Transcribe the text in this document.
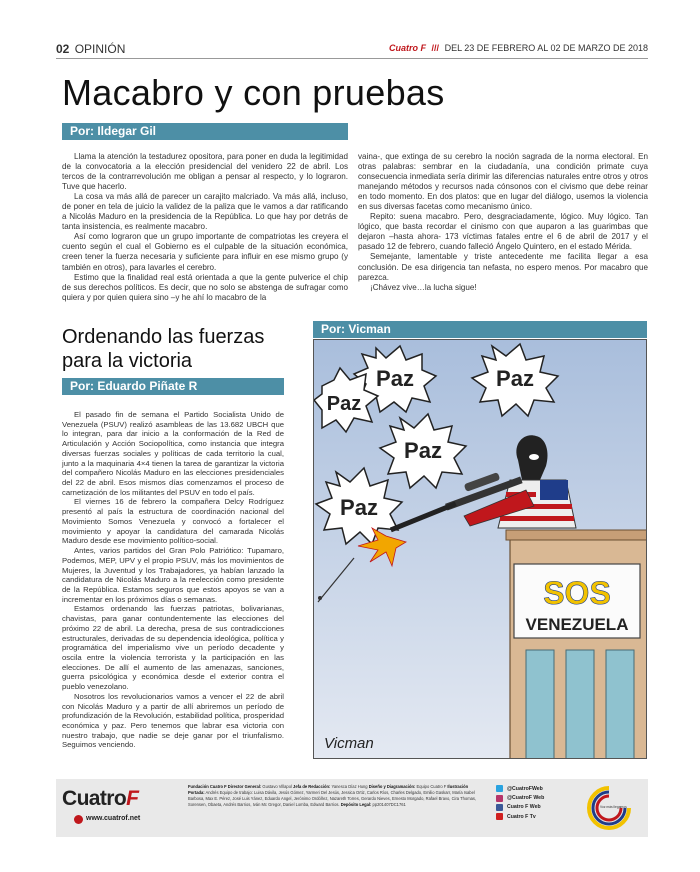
02 OPINIÓN	Cuatro F /// DEL 23 DE FEBRERO AL 02 DE MARZO DE 2018
Macabro y con pruebas
Por: Ildegar Gil

Llama la atención la testadurez opositora, para poner en duda la legitimidad de la convocatoria a la elección presidencial del venidero 22 de abril. Los tercos de la contrarrevolución me obligan a pensar al respecto, y lo lograron. Tuve que hacerlo.

La cosa va más allá de parecer un carajito malcriado. Va más allá, incluso, de poner en tela de juicio la validez de la paliza que le vamos a dar ratificando a Nicolás Maduro en la presidencia de la República. Lo que hay por detrás de tanta insistencia, es realmente macabro.

Así como lograron que un grupo importante de compatriotas les creyera el cuento según el cual el Gobierno es el culpable de la situación económica, creen tener la fuerza necesaria y suficiente para influir en ese mismo grupo (y también en otros), para lavarles el cerebro.

Estimo que la finalidad real está orientada a que la gente pulverice el chip de sus derechos políticos. Es decir, que no solo se abstenga de sufragar como quiera y por quien quiera sino –y he ahí lo macabro de la

vaina-, que extinga de su cerebro la noción sagrada de la norma electoral. En otras palabras: sembrar en la ciudadanía, una condición primate cuya consecuencia inmediata sería dirimir las diferencias naturales entre otros y otros manejando métodos y recursos nada cónsonos con el civismo que debe reinar en todo momento. En dos platos: que en lugar del diálogo, usemos la violencia en sus diversas facetas como mecanismo único.

Repito: suena macabro. Pero, desgraciadamente, lógico. Muy lógico. Tan lógico, que basta recordar el cinismo con que auparon a las guarimbas que dejaron –hasta ahora- 173 víctimas fatales entre el 6 de abril de 2017 y el pasado 12 de febrero, cuando falleció Ángelo Quintero, en el estado Mérida.

Semejante, lamentable y triste antecedente me facilita llegar a esa conclusión. De esa dirigencia tan nefasta, no espero menos. Por macabro que parezca.

¡Chávez vive…la lucha sigue!

Ordenando las fuerzas para la victoria
Por: Eduardo Piñate R

El pasado fin de semana el Partido Socialista Unido de Venezuela (PSUV) realizó asambleas de las 13.682 UBCH que lo integran, para dar inicio a la conformación de la Red de Articulación y Acción Sociopolítica, como instancia que integra diversas fuerzas sociales y políticas de cada territorio la cual, junto a la maquinaria 4×4 tienen la tarea de garantizar la victoria del compañero Nicolás Maduro en las elecciones presidenciales del 22 de abril. Esos mismos días comenzamos el proceso de carnetización de los militantes del PSUV en todo el país.

El viernes 16 de febrero la compañera Delcy Rodríguez presentó al país la estructura de coordinación nacional del Movimiento Somos Venezuela y convocó a fortalecer el movimiento y apoyar la candidatura del camarada Nicolás Maduro desde ese movimiento político-social.

Antes, varios partidos del Gran Polo Patriótico: Tupamaro, Podemos, MEP, UPV y el propio PSUV, más los movimientos de Mujeres, la Juventud y los Trabajadores, ya habían lanzado la candidatura de Nicolás Maduro a la reelección como presidente de la República. Estamos seguros que estos apoyos se van a incrementar en los próximos días o semanas.

Estamos ordenando las fuerzas patriotas, bolivarianas, chavistas, para ganar contundentemente las elecciones del próximo 22 de abril. La derecha, presa de sus contradicciones estructurales, derivadas de su dependencia ideológica, política y programática del imperialismo vive un período decadente y oscila entre la violencia terrorista y la participación en las elecciones. De allí el aumento de las amenazas, sanciones, guerra psicológica y económica desde el exterior contra el pueblo venezolano.

Nosotros los revolucionarios vamos a vencer el 22 de abril con Nicolás Maduro y a partir de allí abriremos un período de profundización de la Revolución, estabilidad política, prosperidad económica y paz. Pero tenemos que labrar esa victoria con nuestro trabajo, que nadie se deje ganar por el triunfalismo. Seguimos venciendo.

Por: Vicman
Paz	Paz
Paz
Paz
Paz
SOS
VENEZUELA
Vicman
CuatroF
www.cuatrof.net
Fundación Cuatro F Director General: Gustavo Villapol Jefa de Redacción: Yanesca Díaz Hung Diseño y Diagramación: Equipo Cuatro F Ilustración Portada: Andrés Equipo de trabajo: Luisa Dávila, Jesús Gómez, Yarmeri Del Jesús, Jessica Ortiz, Carlos Ríos, Charles Delgado, Emilio Gaskarr, María Isabel Barbosa, Max E. Pérez, José Luis Yánez, Eduardo Angel, Jerónimo Ordóñez, Nazareth Torres, Gerardo Nieves, Ernesto Morgado, Rafael Bravo, Cira Thomas, Sorensen, Obaeta, Andrés Barrios, Iván Mc Gregor, Daniel Lomba, Edward Barrios. Depósito Legal: pp201407DC1761
@CuatroFWeb
@CuatroF Web
Cuatro F Web
Cuatro F Tv
Voz más llegamos
